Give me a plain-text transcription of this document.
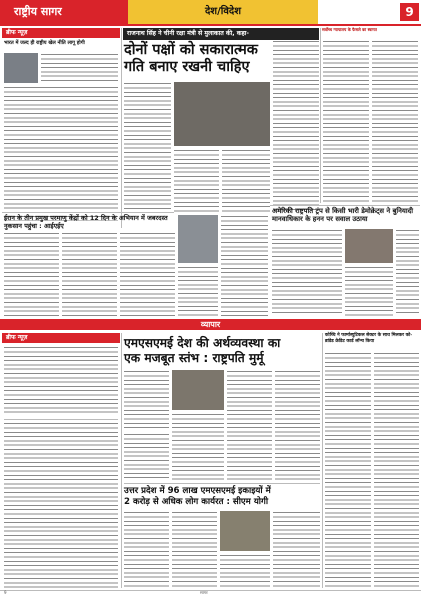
राष्ट्रीय सागर	देश/विदेश	9
ब्रीफ न्यूज़
भारत में जल्द ही राष्ट्रीय खेल नीति लागू होगी
राजनाथ सिंह ने चीनी रक्षा मंत्री से मुलाकात की, कहा-
सर्वोच्च न्यायालय के फैसले का स्वागत
दोनों पक्षों को सकारात्मक
गति बनाए रखनी चाहिए
ईरान के तीन प्रमुख परमाणु केंद्रों को 12 दिन के अभियान में जबरदस्त नुकसान पहुंचा : आईएईए
अमेरिकी राष्ट्रपति ट्रंप से किसी भारी डेमोक्रेट्स ने बुनियादी मानवाधिकार के हनन पर सवाल उठाया
व्यापार
ब्रीफ न्यूज़	एमएसएमई देश की अर्थव्यवस्था का
एक मजबूत स्तंभ : राष्ट्रपति मुर्मू
कोच्चि ने फार्मास्युटिकल सेक्टर के साथ मिलकर को-ब्रांडेड क्रेडिट कार्ड लॉन्च किया
उत्तर प्रदेश में 96 लाख एमएसएमई इकाइयों में
2 करोड़ से अधिक लोग कार्यरत : सीएम योगी
9	सागर
